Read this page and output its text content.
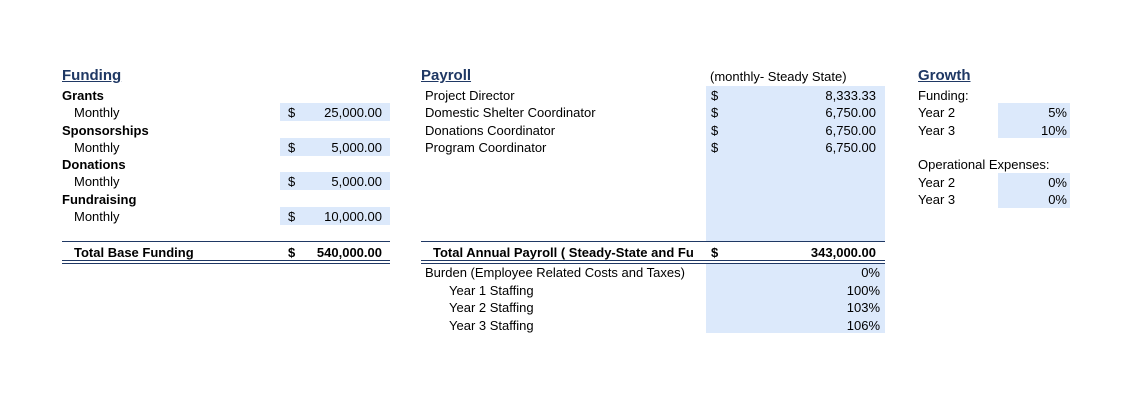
Funding
Grants
Monthly	$	25,000.00
Sponsorships
Monthly	$	5,000.00
Donations
Monthly	$	5,000.00
Fundraising
Monthly	$	10,000.00
Total Base Funding	$	540,000.00
Payroll	(monthly- Steady State)
Project Director	$	8,333.33
Domestic Shelter Coordinator	$	6,750.00
Donations Coordinator	$	6,750.00
Program Coordinator	$	6,750.00
Total Annual Payroll ( Steady-State and Fu	$	343,000.00
Burden (Employee Related Costs and Taxes)	0%
Year 1 Staffing	100%
Year 2 Staffing	103%
Year 3 Staffing	106%
Growth
Funding:
Year 2	5%
Year 3	10%
Operational Expenses:
Year 2	0%
Year 3	0%
